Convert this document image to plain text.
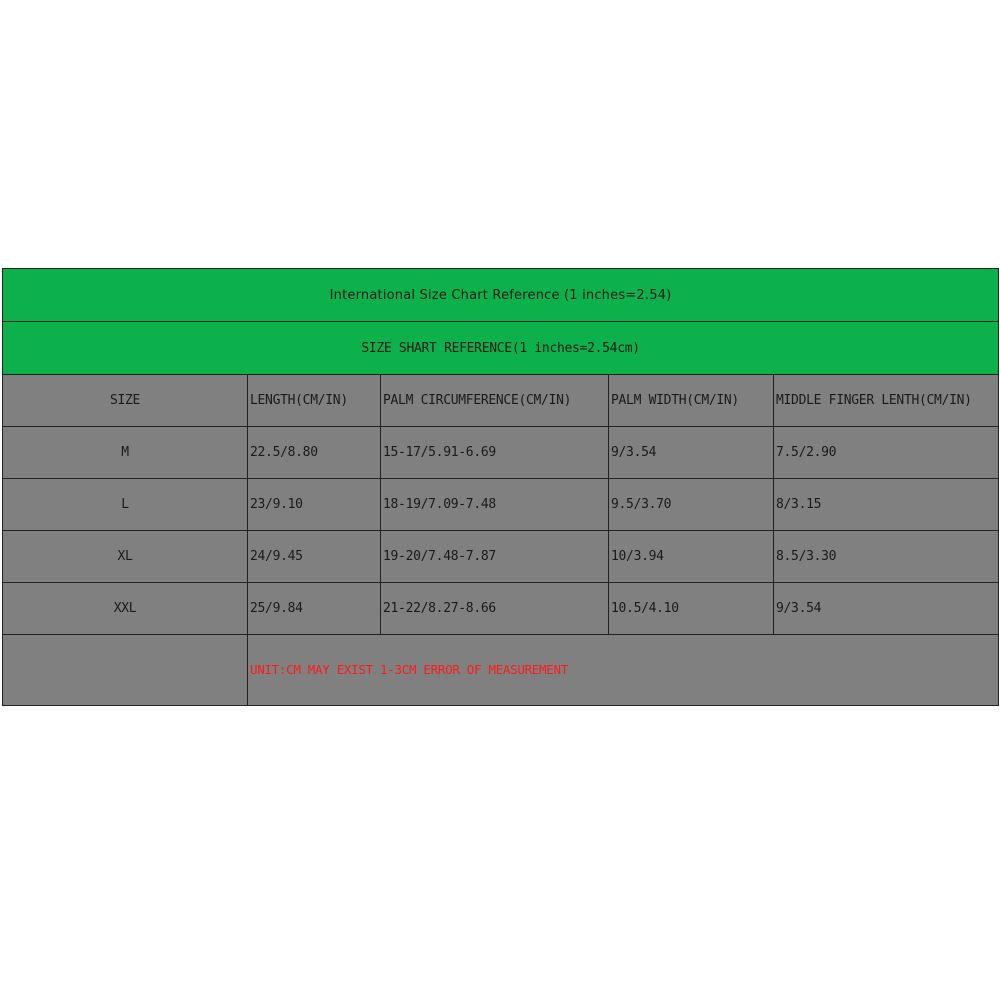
International Size Chart Reference (1 inches=2.54)				
SIZE SHART REFERENCE(1 inches=2.54cm)				
SIZE	LENGTH(CM/IN)	PALM CIRCUMFERENCE(CM/IN)	PALM WIDTH(CM/IN)	MIDDLE FINGER LENTH(CM/IN)
M	22.5/8.80	15-17/5.91-6.69	9/3.54	7.5/2.90
L	23/9.10	18-19/7.09-7.48	9.5/3.70	8/3.15
XL	24/9.45	19-20/7.48-7.87	10/3.94	8.5/3.30
XXL	25/9.84	21-22/8.27-8.66	10.5/4.10	9/3.54
	UNIT:CM MAY EXIST 1-3CM ERROR OF MEASUREMENT			
